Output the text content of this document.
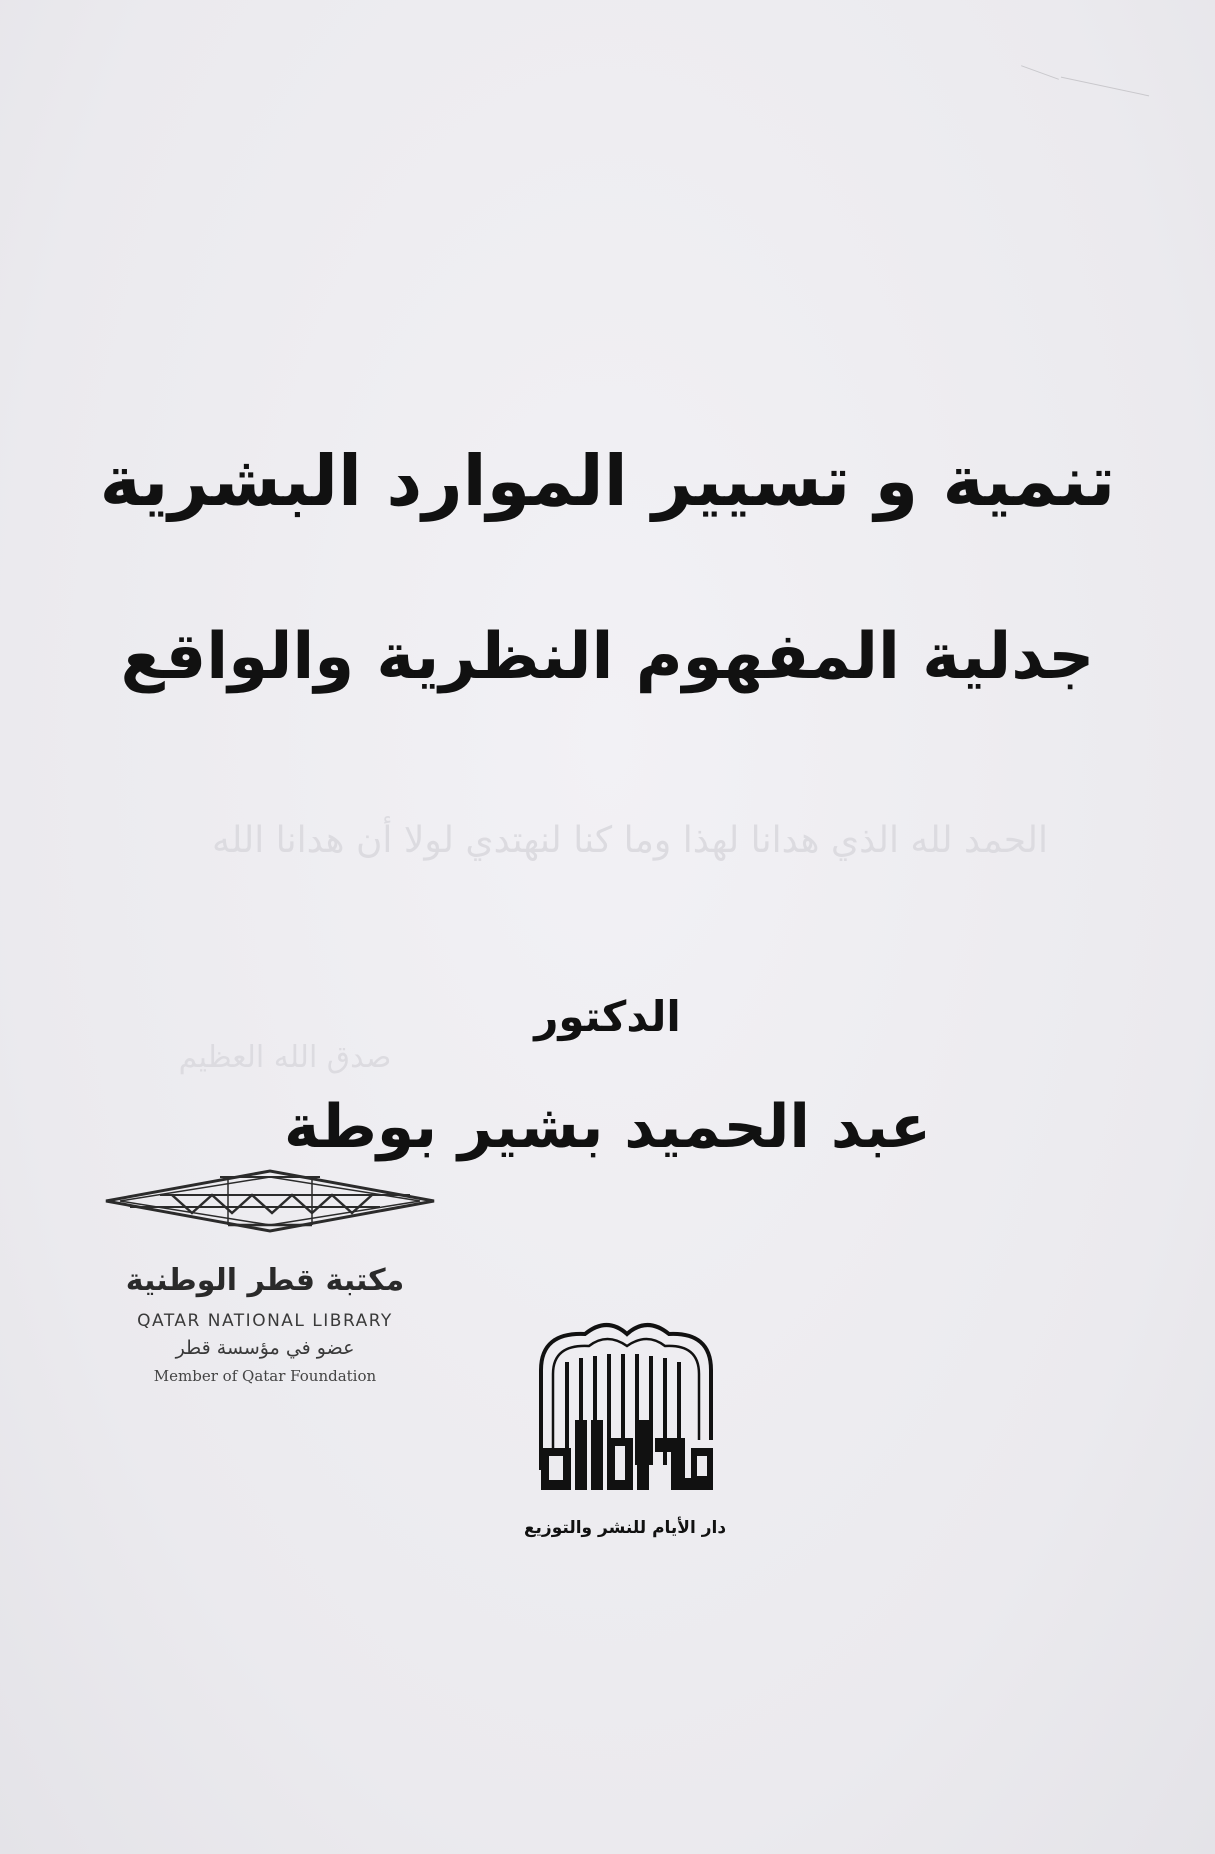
الحمد لله الذي هدانا لهذا وما كنا لنهتدي لولا أن هدانا الله
صدق الله العظيم
تنمية و تسيير الموارد البشرية
جدلية المفهوم النظرية والواقع
الدكتور
عبد الحميد بشير بوطة
مكتبة قطر الوطنية
QATAR NATIONAL LIBRARY
عضو في مؤسسة قطر
Member of Qatar Foundation
دار الأيام للنشر والتوزيع
